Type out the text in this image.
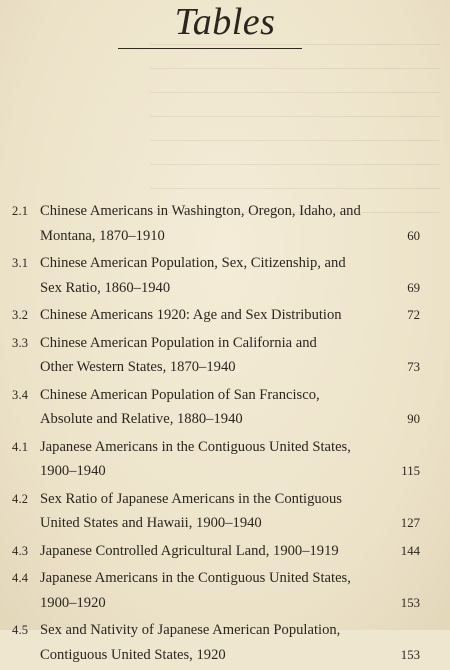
Tables
2.1 Chinese Americans in Washington, Oregon, Idaho, and
Montana, 1870–1910	60
3.1 Chinese American Population, Sex, Citizenship, and
Sex Ratio, 1860–1940	69
3.2 Chinese Americans 1920: Age and Sex Distribution	72
3.3 Chinese American Population in California and
Other Western States, 1870–1940	73
3.4 Chinese American Population of San Francisco,
Absolute and Relative, 1880–1940	90
4.1 Japanese Americans in the Contiguous United States,
1900–1940	115
4.2 Sex Ratio of Japanese Americans in the Contiguous
United States and Hawaii, 1900–1940	127
4.3 Japanese Controlled Agricultural Land, 1900–1919	144
4.4 Japanese Americans in the Contiguous United States,
1900–1920	153
4.5 Sex and Nativity of Japanese American Population,
Contiguous United States, 1920	153
